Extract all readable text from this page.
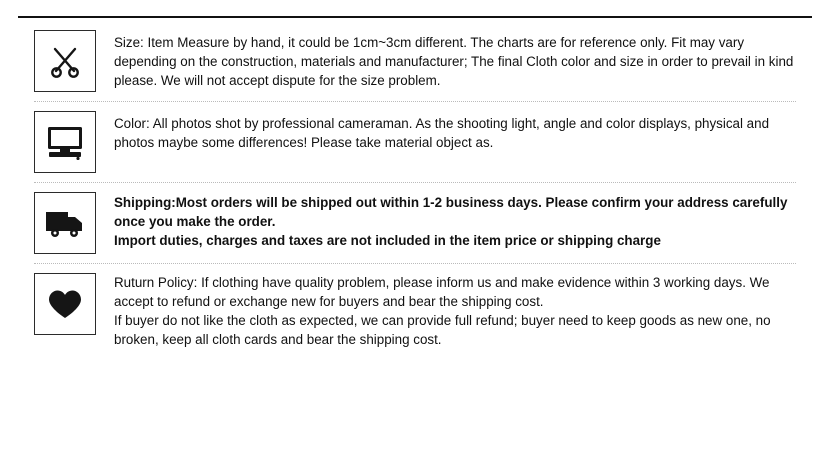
Size: Item Measure by hand, it could be 1cm~3cm different. The charts are for reference only. Fit may vary depending on the construction, materials and manufacturer; The final Cloth color and size in order to prevail in kind please. We will not accept dispute for the size problem.

Color: All photos shot by professional cameraman. As the shooting light, angle and color displays, physical and photos maybe some differences! Please take material object as.

Shipping:Most orders will be shipped out within 1-2 business days. Please confirm your address carefully once you make the order.

Import duties, charges and taxes are not included in the item price or shipping charge

Ruturn Policy: If clothing have quality problem, please inform us and make evidence within 3 working days. We accept to refund or exchange new for buyers and bear the shipping cost.

If buyer do not like the cloth as expected, we can provide full refund; buyer need to keep goods as new one, no broken, keep all cloth cards and bear the shipping cost.
